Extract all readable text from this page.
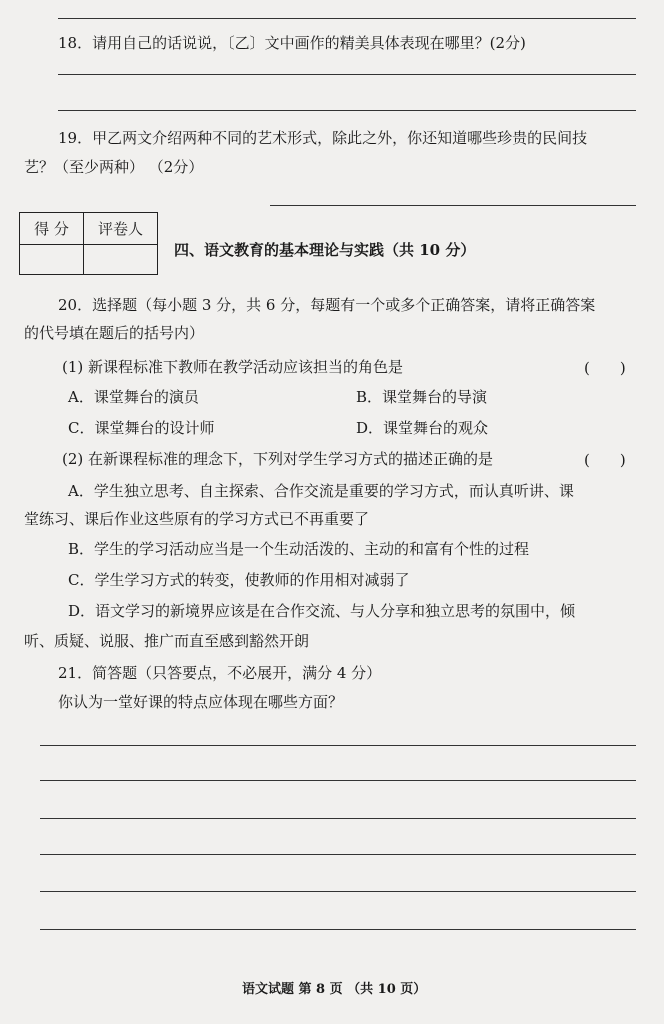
18．请用自己的话说说，〔乙〕文中画作的精美具体表现在哪里？(2分)
19．甲乙两文介绍两种不同的艺术形式，除此之外，你还知道哪些珍贵的民间技
艺？（至少两种） （2分）
得 分	评卷人

四、语文教育的基本理论与实践（共 10 分）
20．选择题（每小题 3 分，共 6 分，每题有一个或多个正确答案，请将正确答案
的代号填在题后的括号内）
(1) 新课程标准下教师在教学活动应该担当的角色是	(　　)
A．课堂舞台的演员	B．课堂舞台的导演
C．课堂舞台的设计师	D．课堂舞台的观众
(2) 在新课程标准的理念下，下列对学生学习方式的描述正确的是	(　　)
A．学生独立思考、自主探索、合作交流是重要的学习方式，而认真听讲、课
堂练习、课后作业这些原有的学习方式已不再重要了
B．学生的学习活动应当是一个生动活泼的、主动的和富有个性的过程
C．学生学习方式的转变，使教师的作用相对减弱了
D．语文学习的新境界应该是在合作交流、与人分享和独立思考的氛围中，倾
听、质疑、说服、推广而直至感到豁然开朗
21．简答题（只答要点，不必展开，满分 4 分）
你认为一堂好课的特点应体现在哪些方面？
语文试题 第 8 页 （共 10 页）
